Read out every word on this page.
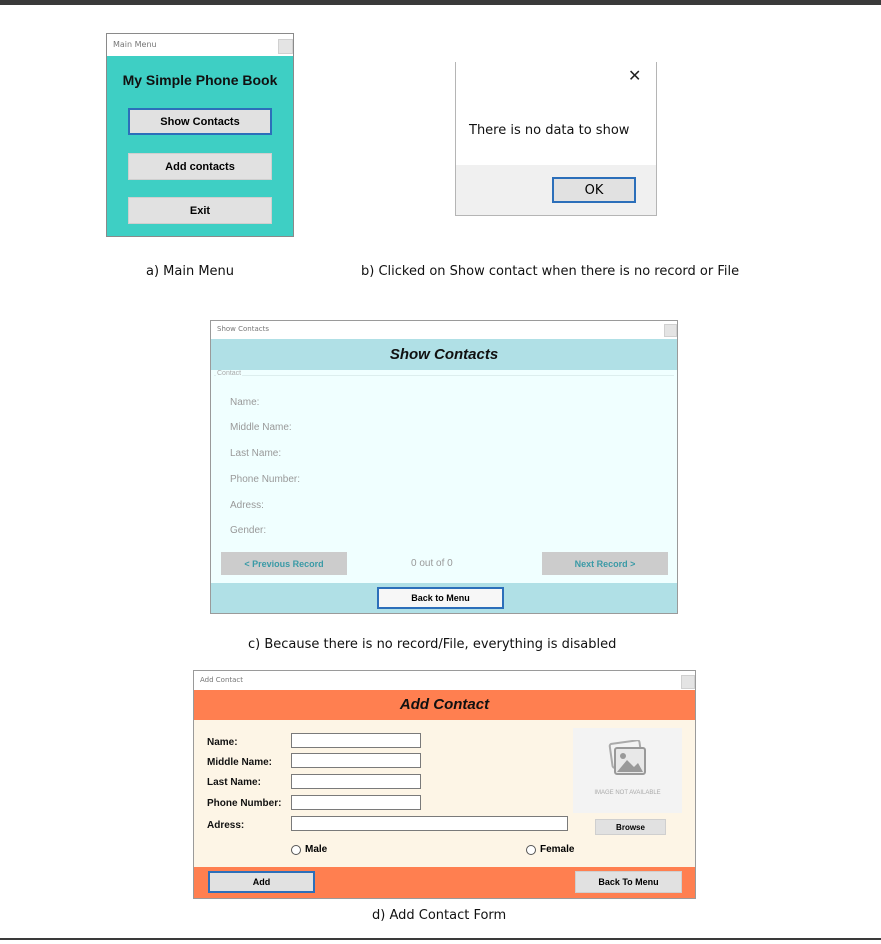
Main Menu
My Simple Phone Book
Show Contacts
Add contacts
Exit
✕
There is no data to show
OK
a) Main Menu	b) Clicked on Show contact when there is no record or File
Show Contacts
Show Contacts
Contact
Name:
Middle Name:
Last Name:
Phone Number:
Adress:
Gender:
< Previous Record	0 out of 0	Next Record >
Back to Menu
c) Because there is no record/File, everything is disabled
Add Contact
Add Contact
Name:
Middle Name:
Last Name:
Phone Number:
Adress:
IMAGE NOT AVAILABLE
Browse
Male	Female
Add	Back To Menu
d) Add Contact Form
